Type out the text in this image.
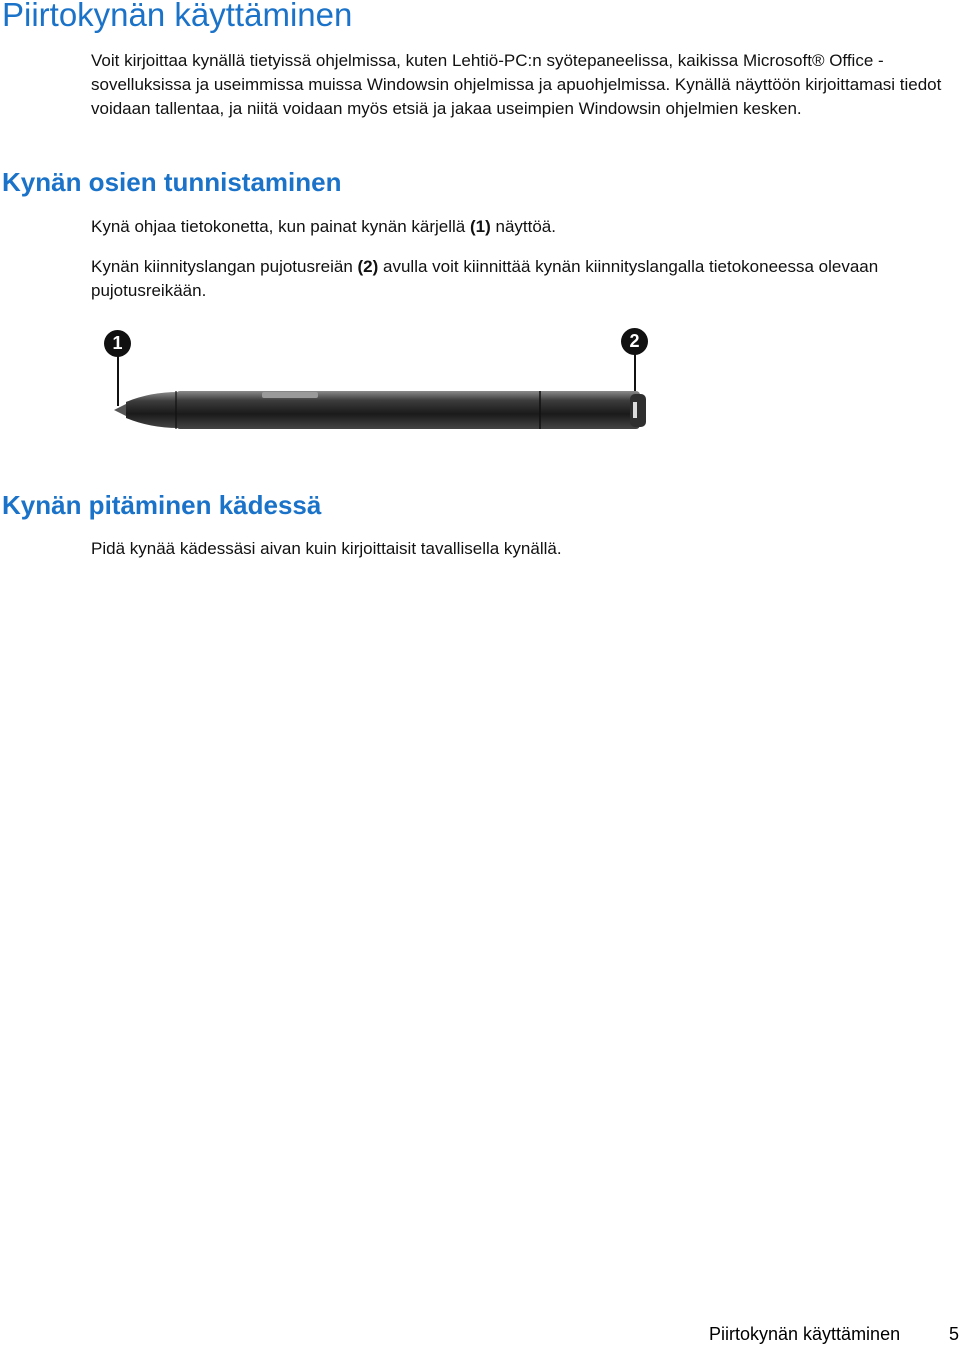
Piirtokynän käyttäminen

Voit kirjoittaa kynällä tietyissä ohjelmissa, kuten Lehtiö-PC:n syötepaneelissa, kaikissa Microsoft® Office -sovelluksissa ja useimmissa muissa Windowsin ohjelmissa ja apuohjelmissa. Kynällä näyttöön kirjoittamasi tiedot voidaan tallentaa, ja niitä voidaan myös etsiä ja jakaa useimpien Windowsin ohjelmien kesken.

Kynän osien tunnistaminen

Kynä ohjaa tietokonetta, kun painat kynän kärjellä (1) näyttöä.

Kynän kiinnityslangan pujotusreiän (2) avulla voit kiinnittää kynän kiinnityslangalla tietokoneessa olevaan pujotusreikään.

1	2
Kynän pitäminen kädessä

Pidä kynää kädessäsi aivan kuin kirjoittaisit tavallisella kynällä.

Piirtokynän käyttäminen	5
